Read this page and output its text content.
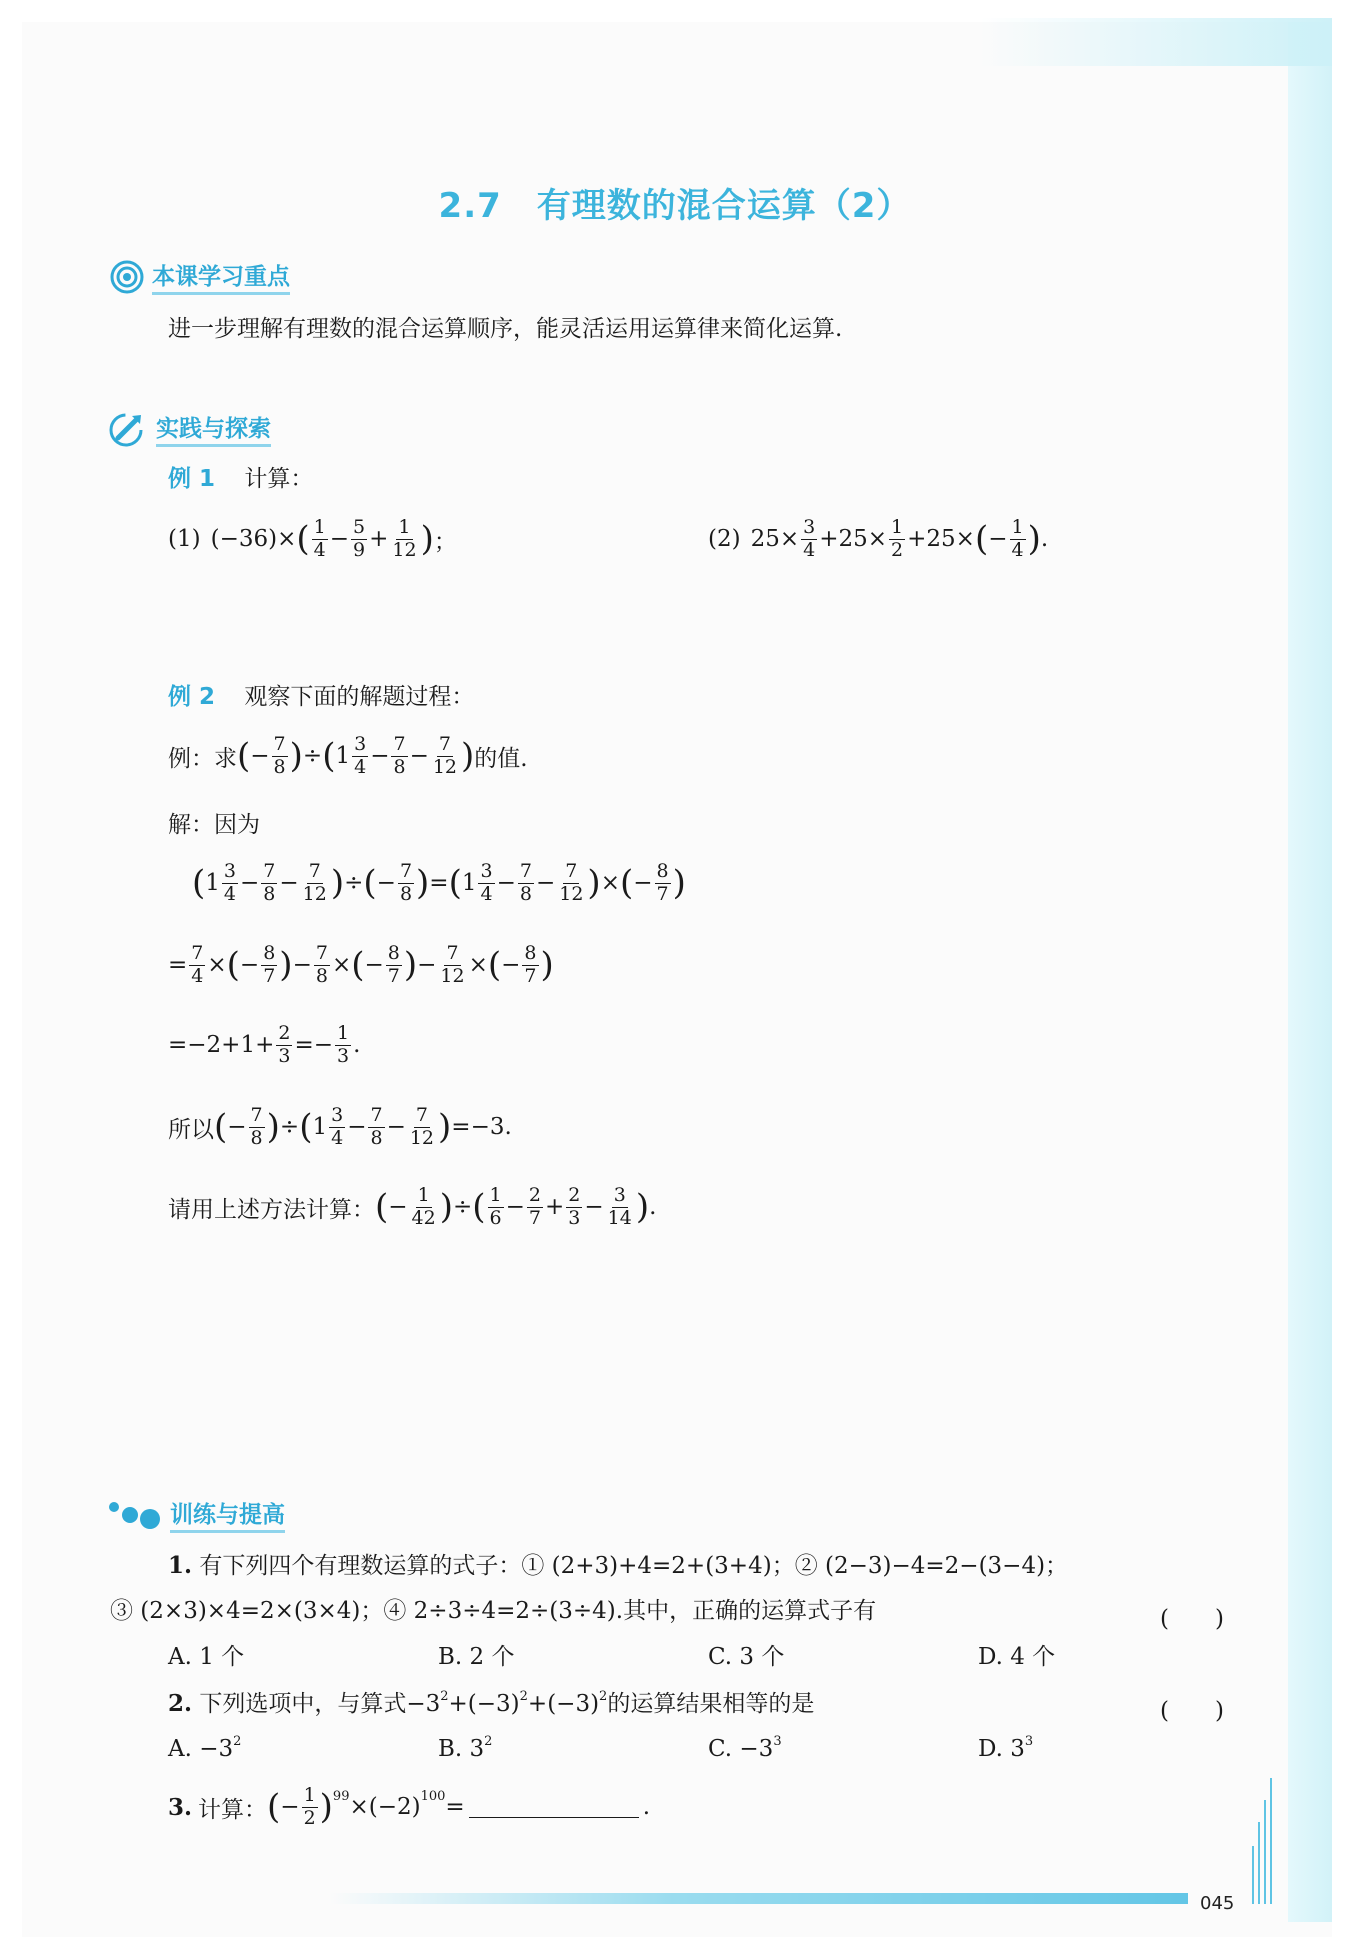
2.7　有理数的混合运算（2）
本课学习重点
进一步理解有理数的混合运算顺序，能灵活运用运算律来简化运算.
实践与探索
例 1 计算：
(1) (−36)× ( $\frac{1}{4} - \frac{5}{9} + \frac{1}{12}$ ) ；	(2) $25\times \frac{3}{4} +25\times \frac{1}{2} +25\times$ ( − $\frac{1}{4}$ ) .
例 2 观察下面的解题过程：
例：求 ( − $\frac{7}{8}$ ) ÷ ( $1 \frac{3}{4} - \frac{7}{8} - \frac{7}{12}$ ) 的值.
解：因为
( $1 \frac{3}{4} - \frac{7}{8} - \frac{7}{12}$ ) ÷ ( − $\frac{7}{8}$ ) = ( $1 \frac{3}{4} - \frac{7}{8} - \frac{7}{12}$ ) × ( − $\frac{8}{7}$ )
= $\frac{7}{4}$ × ( − $\frac{8}{7}$ ) − $\frac{7}{8}$ × ( − $\frac{8}{7}$ ) − $\frac{7}{12}$ × ( − $\frac{8}{7}$ )
$=-2+1+ \frac{2}{3} =- \frac{1}{3}$ .
所以 ( − $\frac{7}{8}$ ) ÷ ( $1 \frac{3}{4} - \frac{7}{8} - \frac{7}{12}$ ) =−3.
请用上述方法计算： ( − $\frac{1}{42}$ ) ÷ ( $\frac{1}{6} - \frac{2}{7} + \frac{2}{3} - \frac{3}{14}$ ) .
训练与提高
1. 有下列四个有理数运算的式子：① (2+3)+4=2+(3+4)；② (2−3)−4=2−(3−4)；
③ (2×3)×4=2×(3×4)；④ 2÷3÷4=2÷(3÷4).其中，正确的运算式子有	(　　)
A. 1 个	B. 2 个	C. 3 个	D. 4 个
2. 下列选项中，与算式$-3^2+(-3)^2+(-3)^2$的运算结果相等的是	(　　)
A. $-3^2$	B. $3^2$	C. $-3^3$	D. $3^3$
3. 计算： ( − $\frac{1}{2}$ ) 99 ×(−2) 100 =	.
045
